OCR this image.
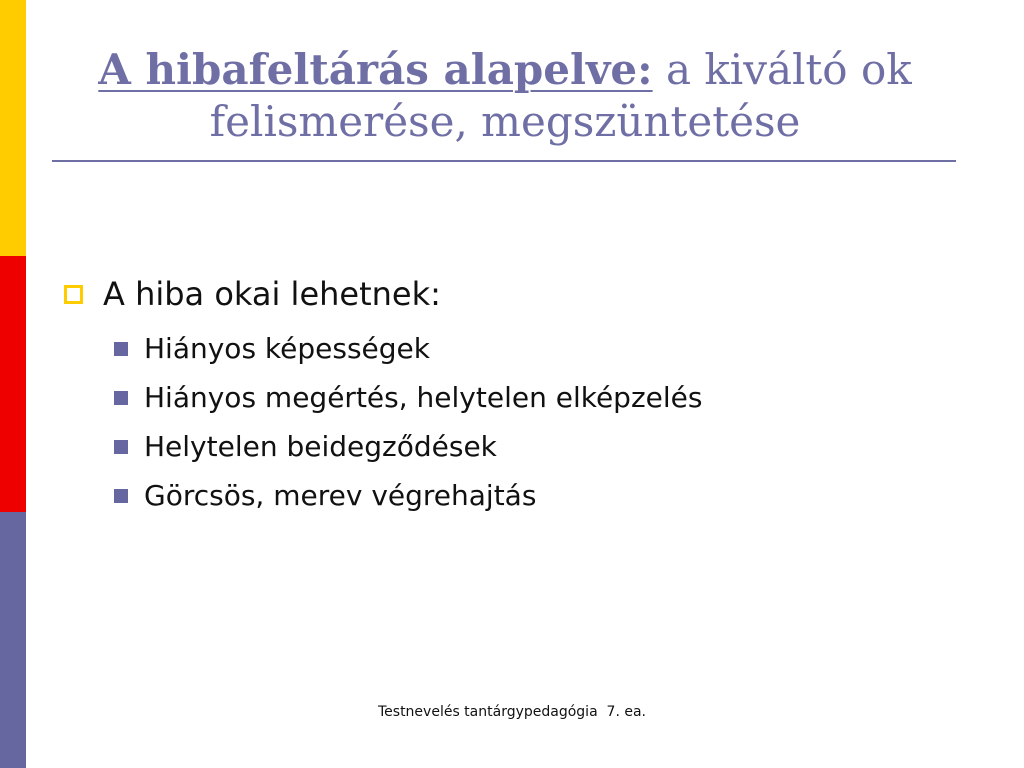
A hibafeltárás alapelve: a kiváltó ok felismerése, megszüntetése
A hiba okai lehetnek:
Hiányos képességek
Hiányos megértés, helytelen elképzelés
Helytelen beidegződések
Görcsös, merev végrehajtás
Testnevelés tantárgypedagógia  7. ea.
